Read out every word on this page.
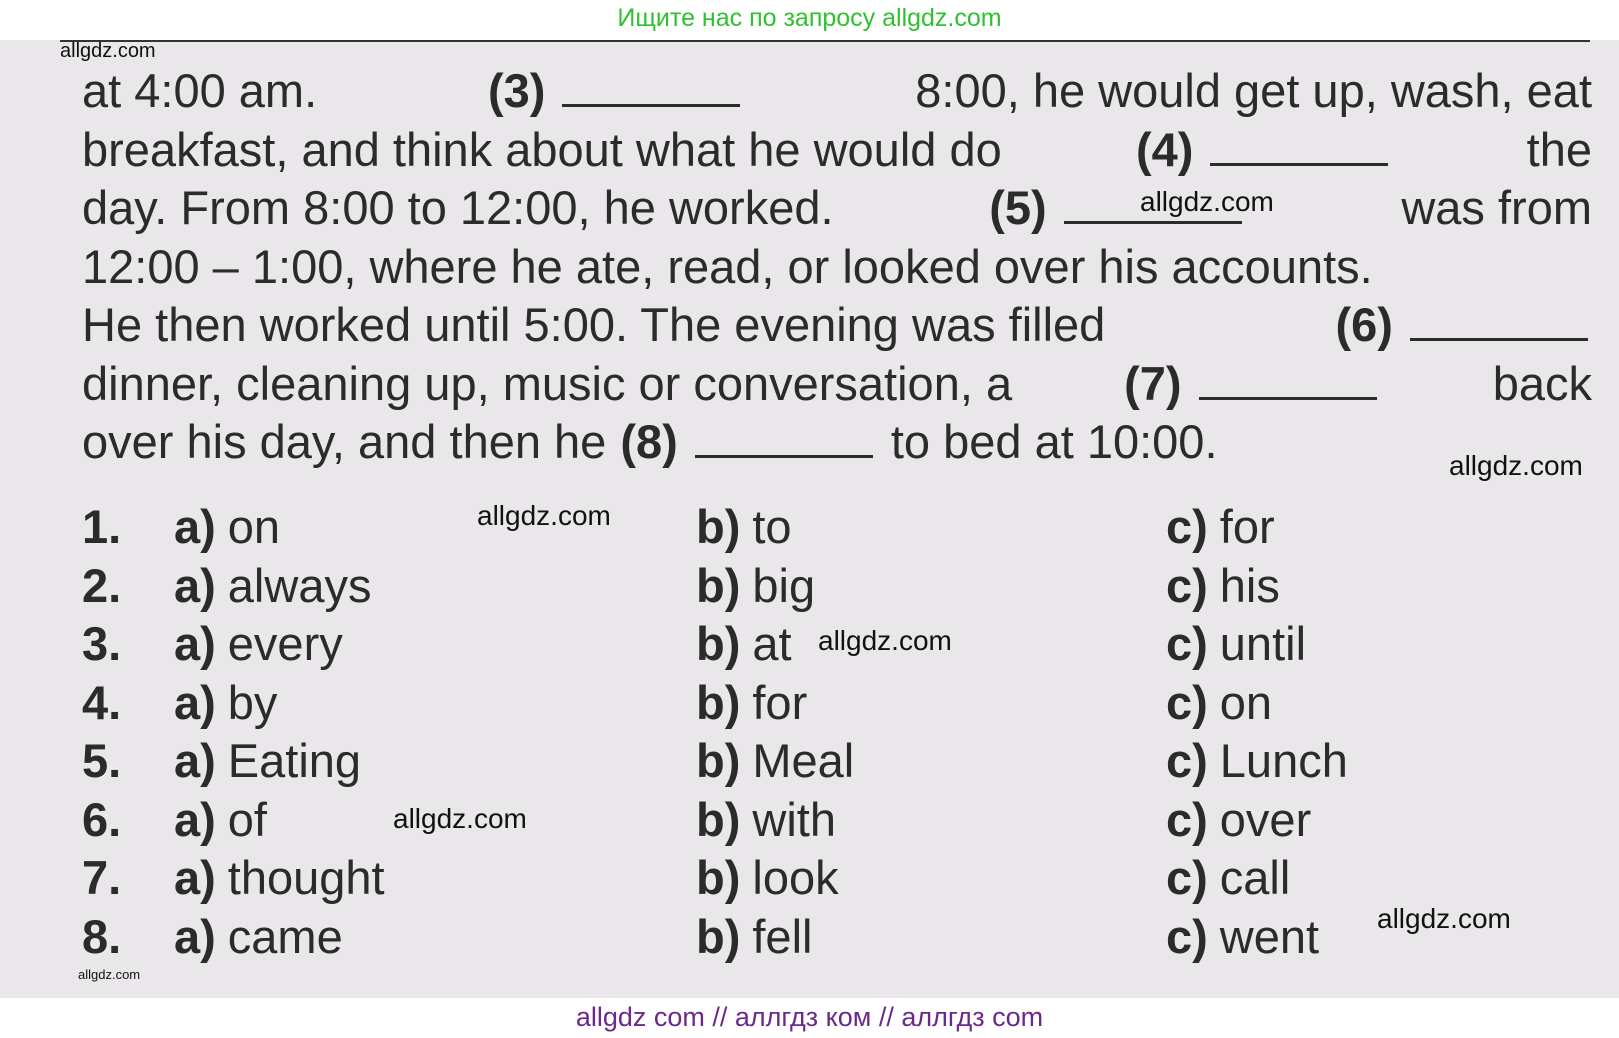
Ищите нас по запросу allgdz.com
at 4:00 am.	(3)	8:00, he would get up, wash, eat
breakfast, and think about what he would do	(4)	the
day. From 8:00 to 12:00, he worked.	(5)	was from
12:00 – 1:00, where he ate, read, or looked over his accounts.
He then worked until 5:00. The evening was filled	(6)
dinner, cleaning up, music or conversation, a (7)	back
over his day, and then he (8)	to bed at 10:00.
1. a) on	b) to	c) for
2. a) always	b) big	c) his
3. a) every	b) at	c) until
4. a) by	b) for	c) on
5. a) Eating	b) Meal	c) Lunch
6. a) of	b) with	c) over
7. a) thought	b) look	c) call
8. a) came	b) fell	c) went
allgdz.com
allgdz.com
allgdz.com
allgdz.com
allgdz.com
allgdz.com
allgdz.com
allgdz.com
allgdz com // аллгдз ком // аллгдз com
